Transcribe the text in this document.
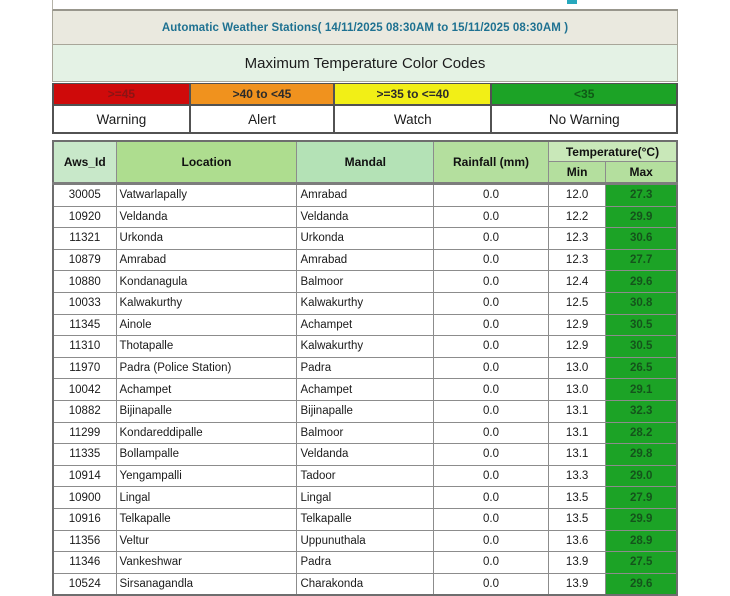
Automatic Weather Stations( 14/11/2025 08:30AM to 15/11/2025 08:30AM )
Maximum Temperature Color Codes
>=45	>40 to <45	>=35 to <=40	<35
Warning	Alert	Watch	No Warning
Aws_Id	Location	Mandal	Rainfall (mm)	Temperature(°C)	
				Min	Max
30005	Vatwarlapally	Amrabad	0.0	12.0	27.3
10920	Veldanda	Veldanda	0.0	12.2	29.9
11321	Urkonda	Urkonda	0.0	12.3	30.6
10879	Amrabad	Amrabad	0.0	12.3	27.7
10880	Kondanagula	Balmoor	0.0	12.4	29.6
10033	Kalwakurthy	Kalwakurthy	0.0	12.5	30.8
11345	Ainole	Achampet	0.0	12.9	30.5
11310	Thotapalle	Kalwakurthy	0.0	12.9	30.5
11970	Padra (Police Station)	Padra	0.0	13.0	26.5
10042	Achampet	Achampet	0.0	13.0	29.1
10882	Bijinapalle	Bijinapalle	0.0	13.1	32.3
11299	Kondareddipalle	Balmoor	0.0	13.1	28.2
11335	Bollampalle	Veldanda	0.0	13.1	29.8
10914	Yengampalli	Tadoor	0.0	13.3	29.0
10900	Lingal	Lingal	0.0	13.5	27.9
10916	Telkapalle	Telkapalle	0.0	13.5	29.9
11356	Veltur	Uppunuthala	0.0	13.6	28.9
11346	Vankeshwar	Padra	0.0	13.9	27.5
10524	Sirsanagandla	Charakonda	0.0	13.9	29.6
